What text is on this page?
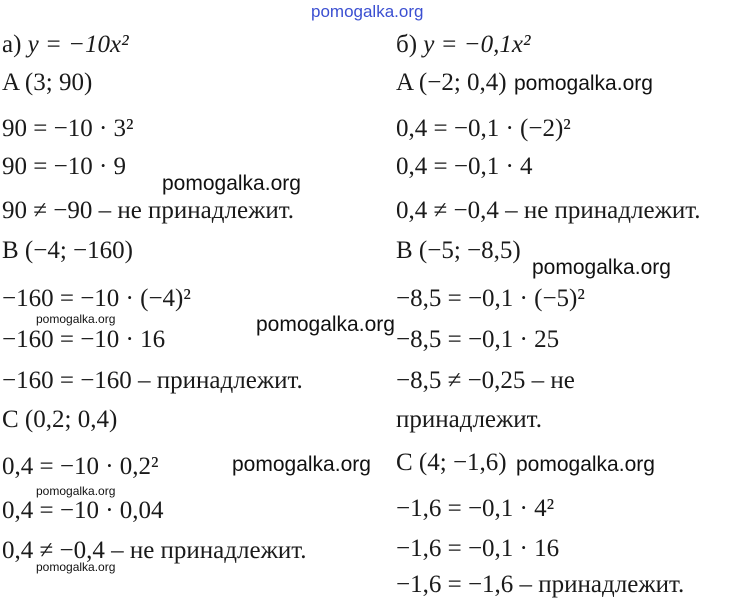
pomogalka.org
pomogalka.org
pomogalka.org
pomogalka.org
pomogalka.org	pomogalka.org
pomogalka.org	pomogalka.org
pomogalka.org
pomogalka.org
а) y = −10x²
A (3; 90)
90 = −10 · 3²
90 = −10 · 9
90 ≠ −90 – не принадлежит.
B (−4; −160)
−160 = −10 · (−4)²
−160 = −10 · 16
−160 = −160 – принадлежит.
C (0,2; 0,4)
0,4 = −10 · 0,2²
0,4 = −10 · 0,04
0,4 ≠ −0,4 – не принадлежит.
б) y = −0,1x²
A (−2; 0,4)
0,4 = −0,1 · (−2)²
0,4 = −0,1 · 4
0,4 ≠ −0,4 – не принадлежит.
B (−5; −8,5)
−8,5 = −0,1 · (−5)²
−8,5 = −0,1 · 25
−8,5 ≠ −0,25 – не
принадлежит.
C (4; −1,6)
−1,6 = −0,1 · 4²
−1,6 = −0,1 · 16
−1,6 = −1,6 – принадлежит.
